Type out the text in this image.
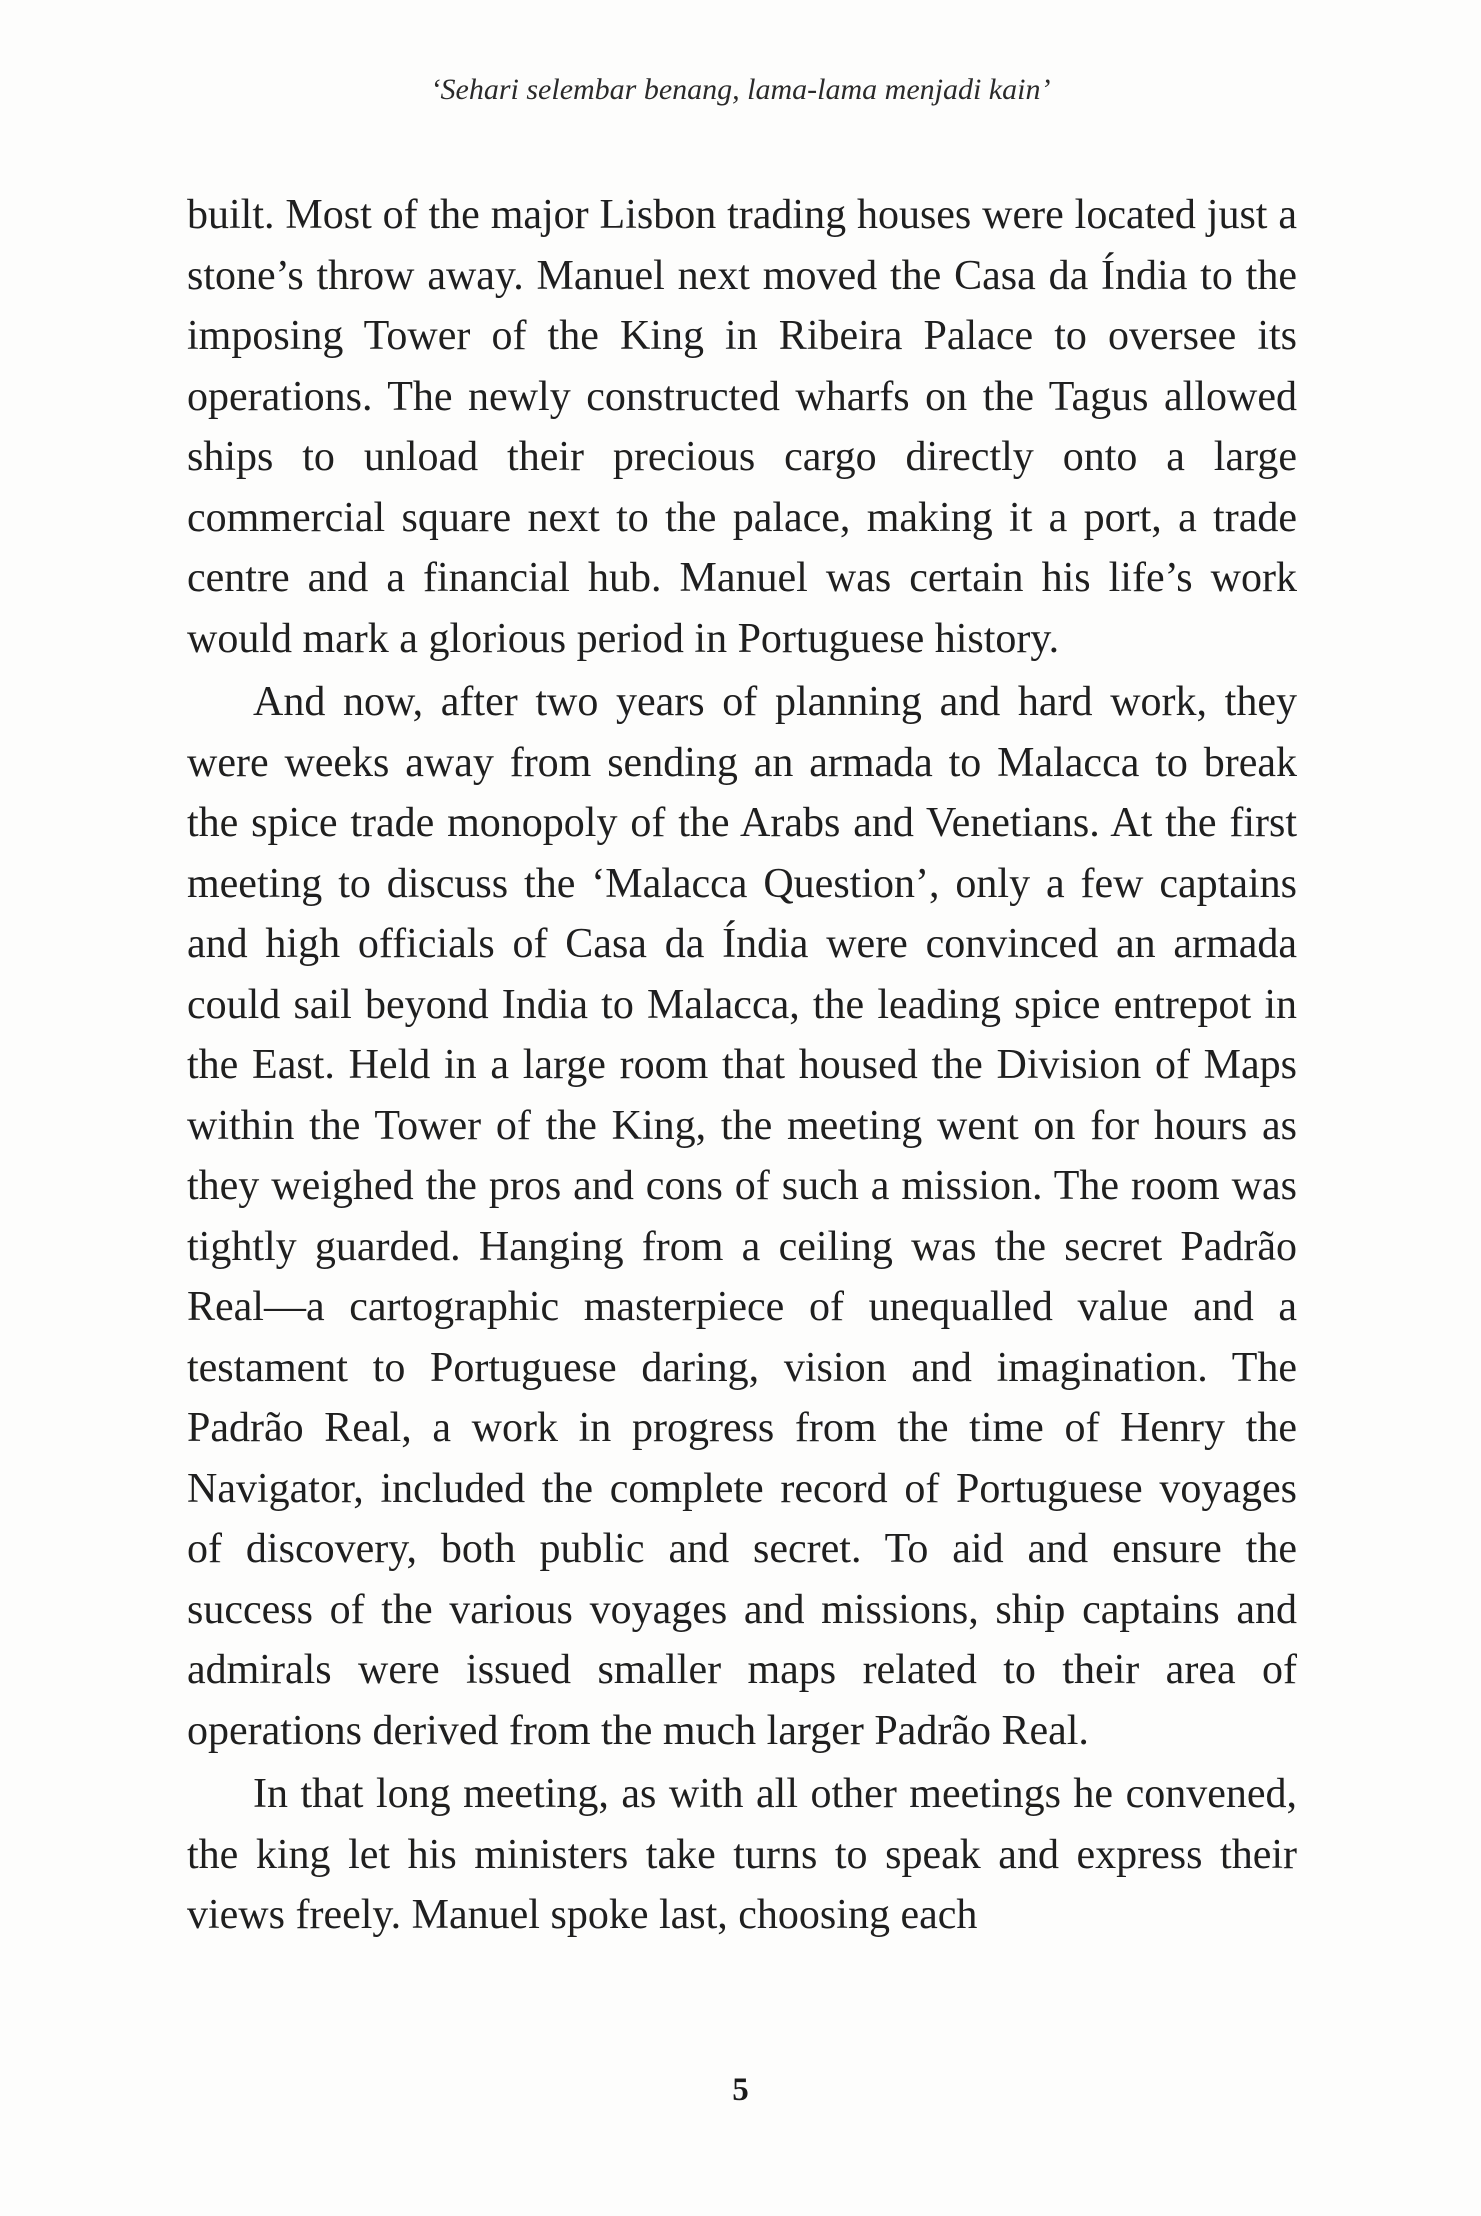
‘Sehari selembar benang, lama-lama menjadi kain’

built. Most of the major Lisbon trading houses were located just a stone’s throw away. Manuel next moved the Casa da Índia to the imposing Tower of the King in Ribeira Palace to oversee its operations. The newly constructed wharfs on the Tagus allowed ships to unload their precious cargo directly onto a large commercial square next to the palace, making it a port, a trade centre and a financial hub. Manuel was certain his life’s work would mark a glorious period in Portuguese history.

And now, after two years of planning and hard work, they were weeks away from sending an armada to Malacca to break the spice trade monopoly of the Arabs and Venetians. At the first meeting to discuss the ‘Malacca Question’, only a few captains and high officials of Casa da Índia were convinced an armada could sail beyond India to Malacca, the leading spice entrepot in the East. Held in a large room that housed the Division of Maps within the Tower of the King, the meeting went on for hours as they weighed the pros and cons of such a mission. The room was tightly guarded. Hanging from a ceiling was the secret Padrão Real—a cartographic masterpiece of unequalled value and a testament to Portuguese daring, vision and imagination. The Padrão Real, a work in progress from the time of Henry the Navigator, included the complete record of Portuguese voyages of discovery, both public and secret. To aid and ensure the success of the various voyages and missions, ship captains and admirals were issued smaller maps related to their area of operations derived from the much larger Padrão Real.

In that long meeting, as with all other meetings he convened, the king let his ministers take turns to speak and express their views freely. Manuel spoke last, choosing each

5
